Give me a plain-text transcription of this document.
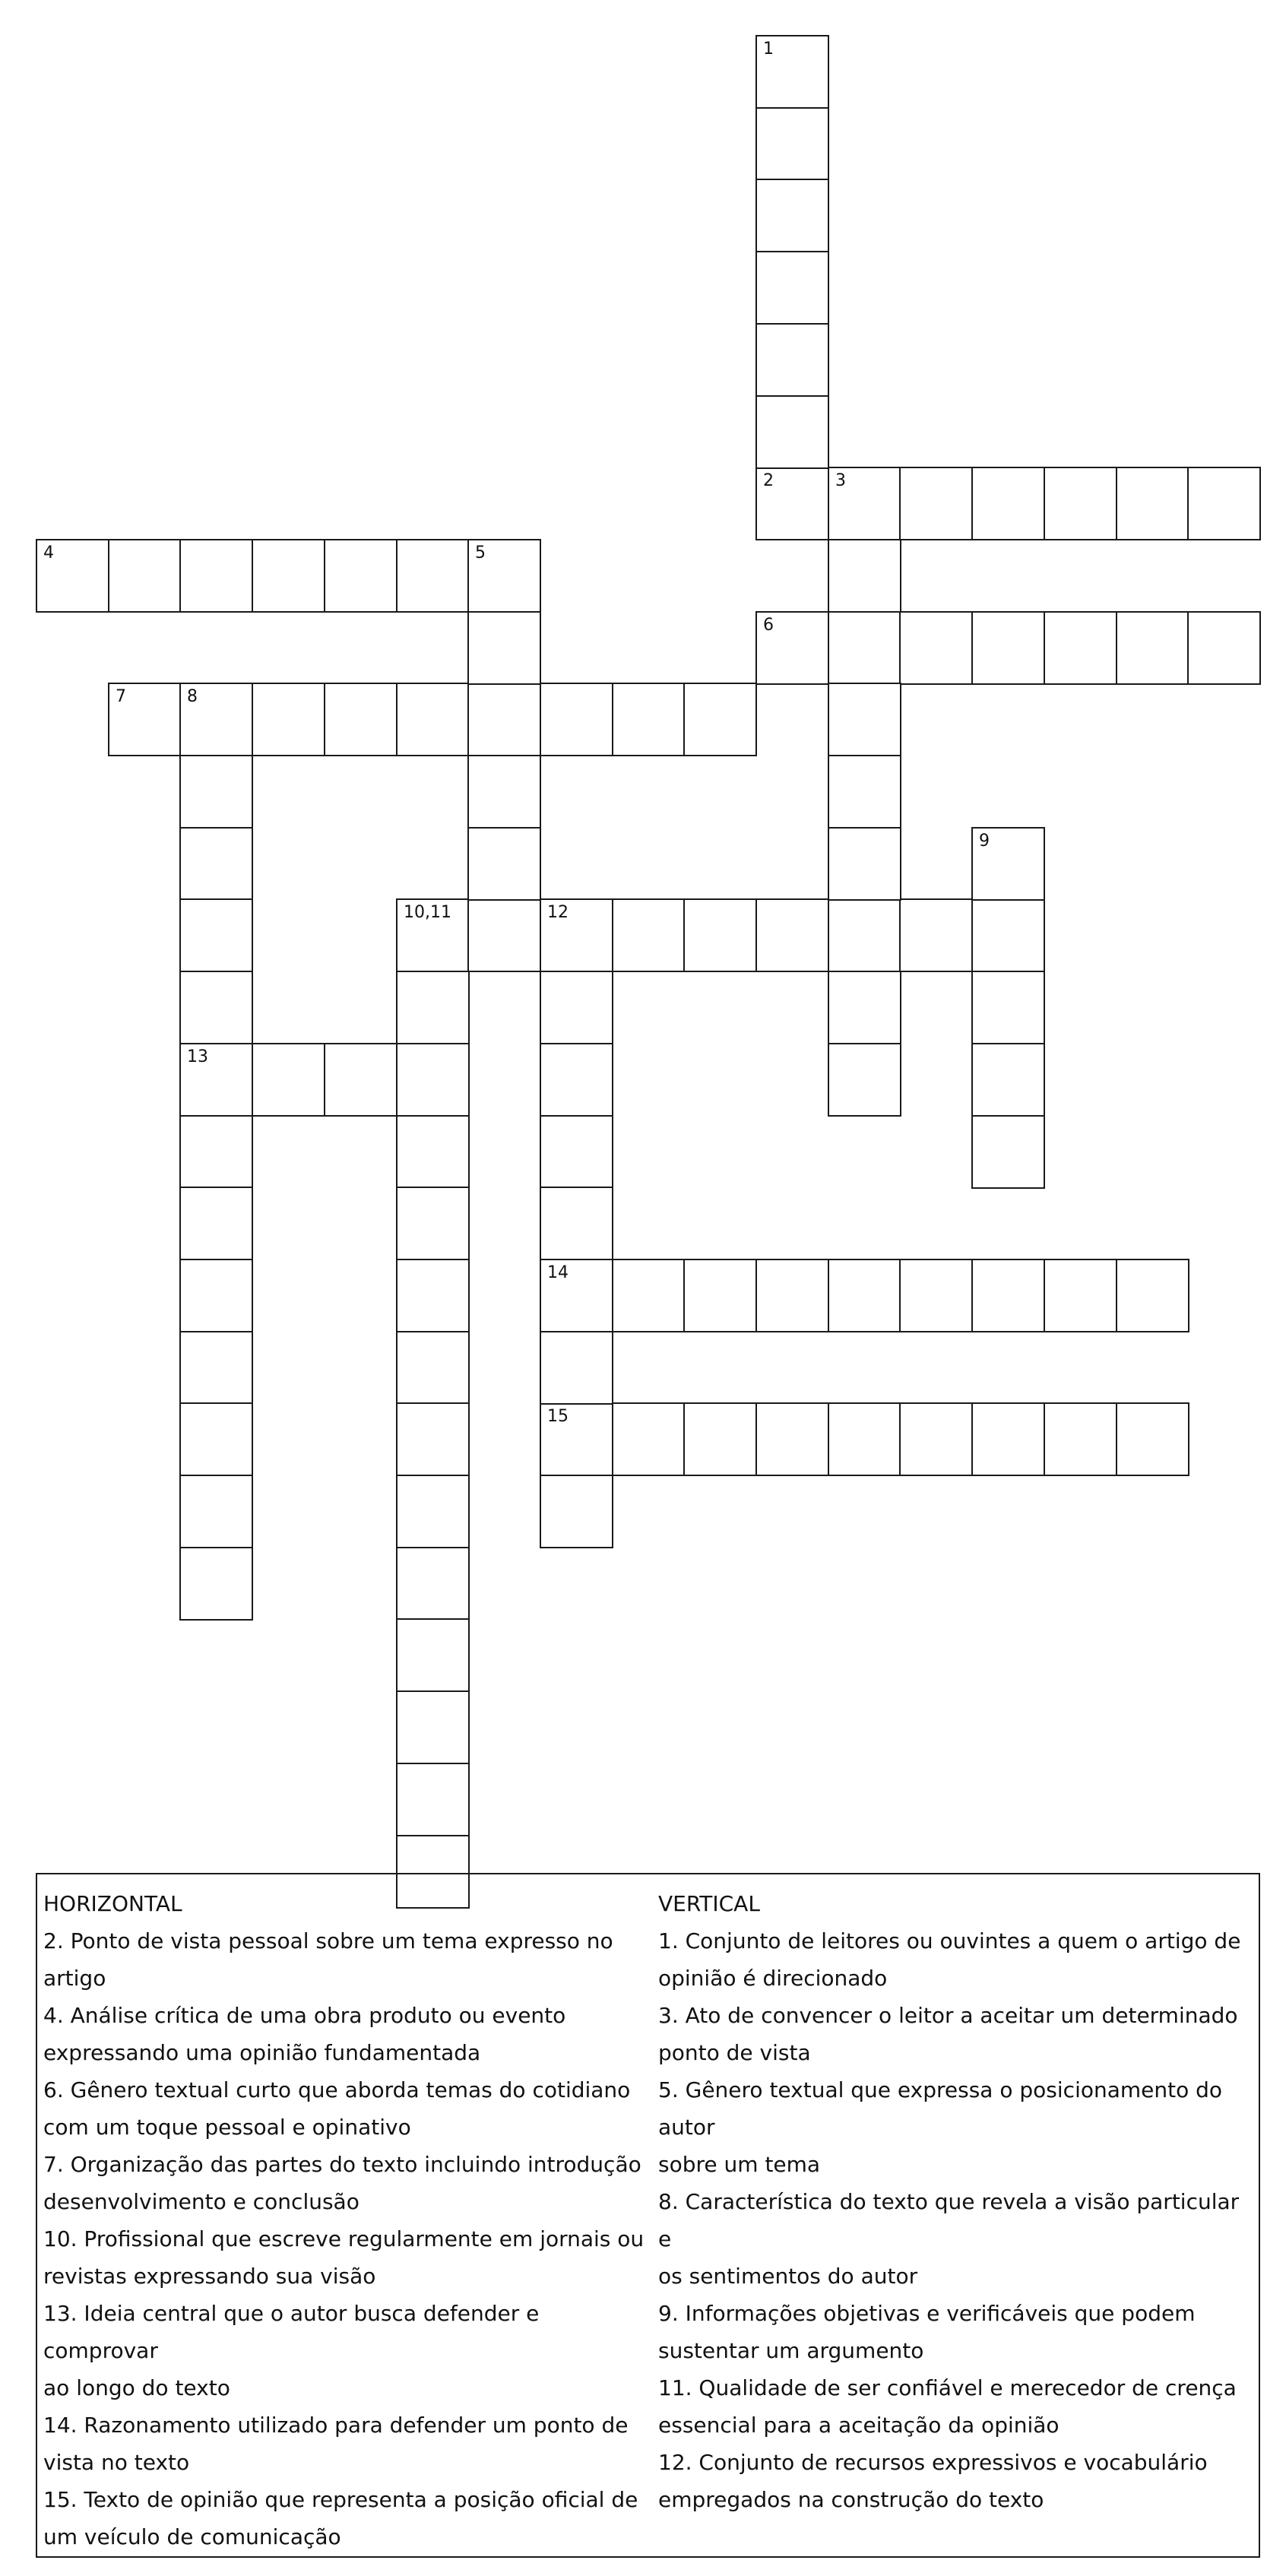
2	3
4	5
6
7	8
10,11	12
13
14
15
1
9
HORIZONTAL
2. Ponto de vista pessoal sobre um tema expresso no
artigo
4. Análise crítica de uma obra produto ou evento
expressando uma opinião fundamentada
6. Gênero textual curto que aborda temas do cotidiano
com um toque pessoal e opinativo
7. Organização das partes do texto incluindo introdução
desenvolvimento e conclusão
10. Profissional que escreve regularmente em jornais ou
revistas expressando sua visão
13. Ideia central que o autor busca defender e comprovar
ao longo do texto
14. Razonamento utilizado para defender um ponto de
vista no texto
15. Texto de opinião que representa a posição oficial de
um veículo de comunicação
VERTICAL
1. Conjunto de leitores ou ouvintes a quem o artigo de
opinião é direcionado
3. Ato de convencer o leitor a aceitar um determinado
ponto de vista
5. Gênero textual que expressa o posicionamento do autor
sobre um tema
8. Característica do texto que revela a visão particular e
os sentimentos do autor
9. Informações objetivas e verificáveis que podem
sustentar um argumento
11. Qualidade de ser confiável e merecedor de crença
essencial para a aceitação da opinião
12. Conjunto de recursos expressivos e vocabulário
empregados na construção do texto
